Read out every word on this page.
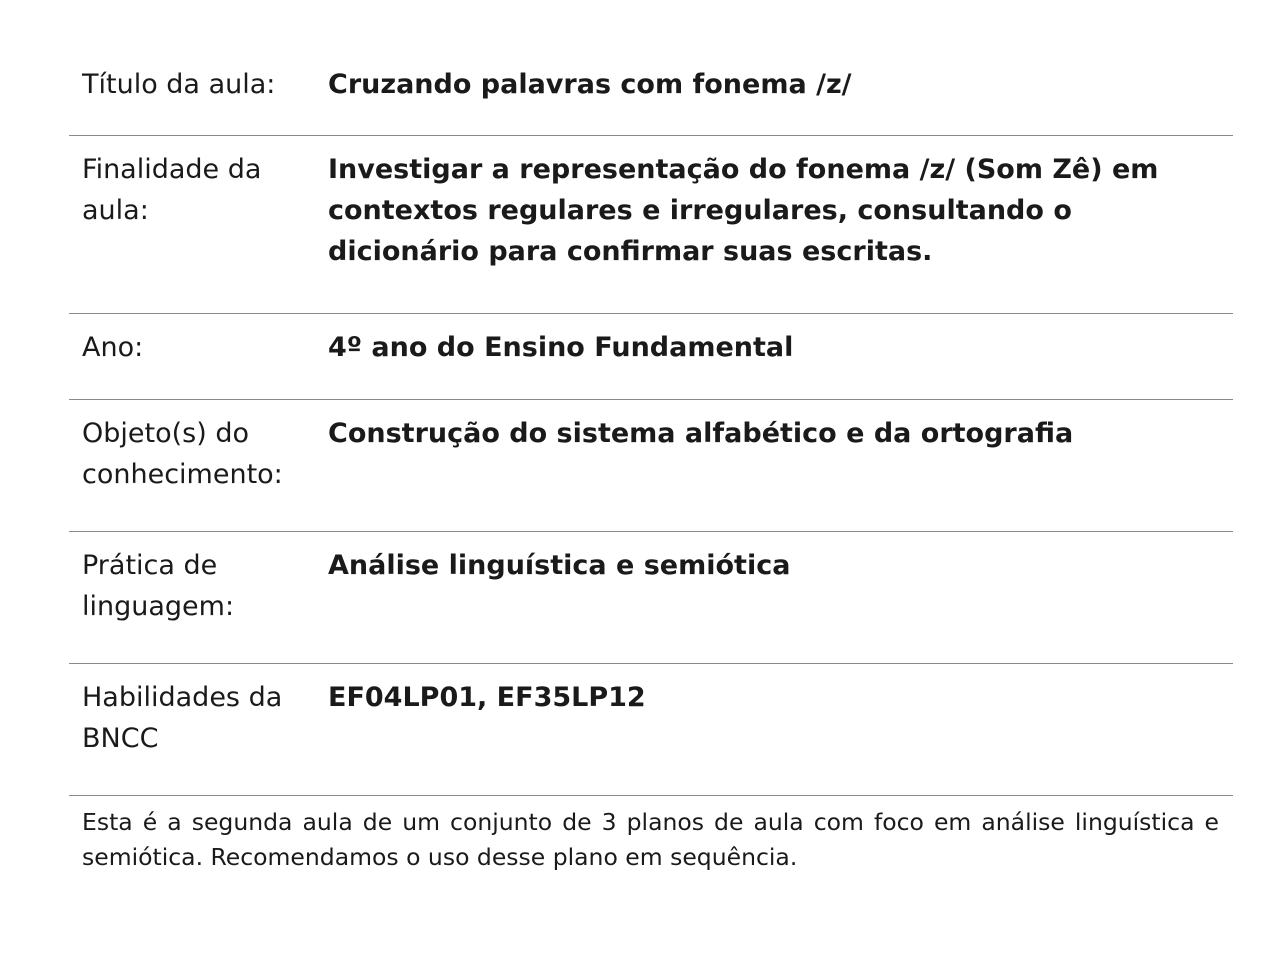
Título da aula:	Cruzando palavras com fonema /z/
Finalidade da aula:
Investigar a representação do fonema /z/ (Som Zê) em contextos regulares e irregulares, consultando o dicionário para confirmar suas escritas.
Ano:	4º ano do Ensino Fundamental
Objeto(s) do conhecimento:
Construção do sistema alfabético e da ortografia
Prática de linguagem:
Análise linguística e semiótica
Habilidades da BNCC
EF04LP01, EF35LP12
Esta é a segunda aula de um conjunto de 3 planos de aula com foco em análise linguística e semiótica. Recomendamos o uso desse plano em sequência.
